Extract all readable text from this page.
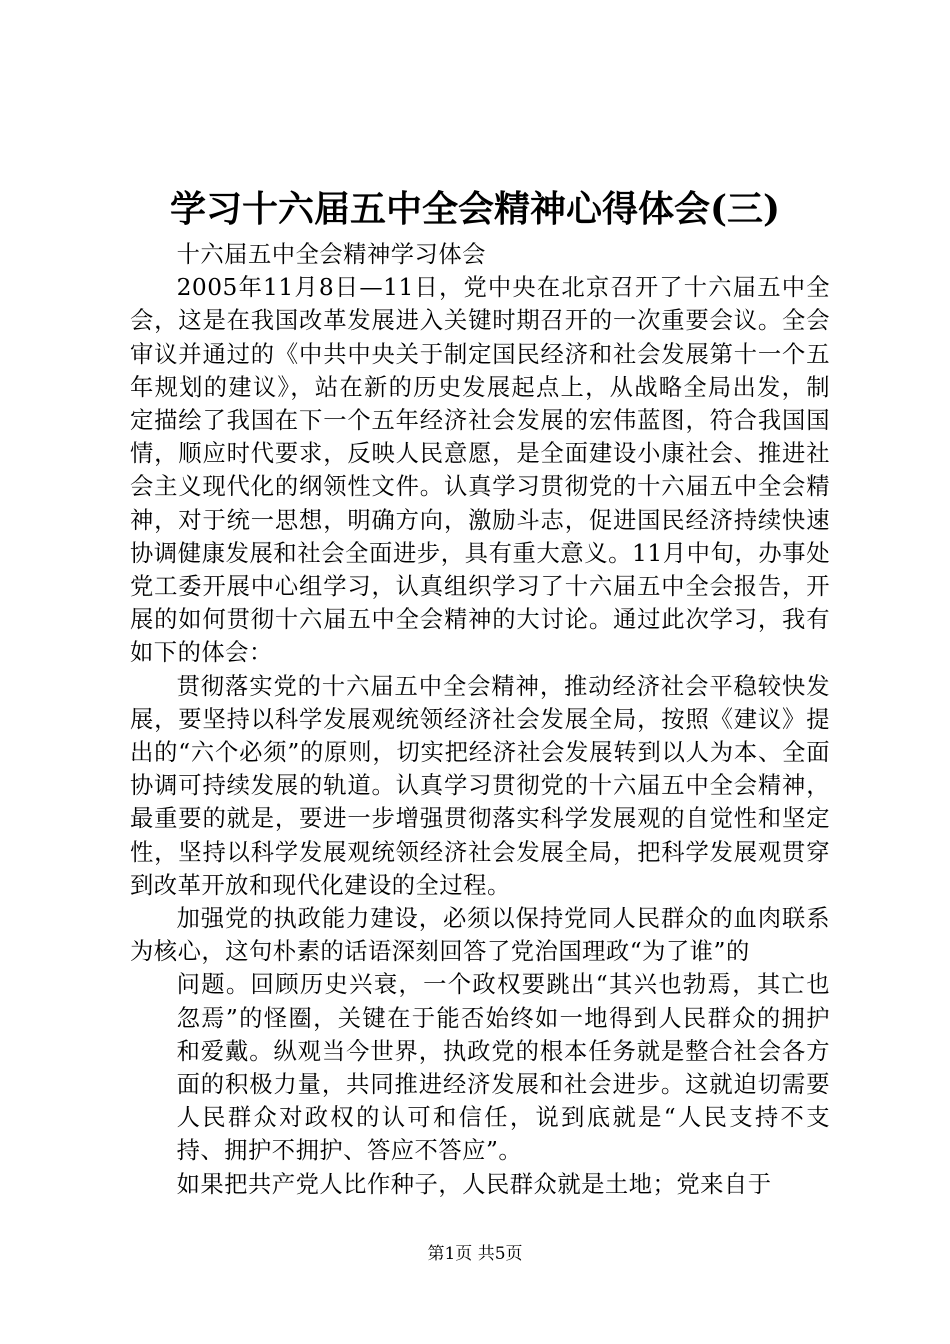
学习十六届五中全会精神心得体会(三)

十六届五中全会精神学习体会

2005年11月8日—11日，党中央在北京召开了十六届五中全会，这是在我国改革发展进入关键时期召开的一次重要会议。全会审议并通过的《中共中央关于制定国民经济和社会发展第十一个五年规划的建议》，站在新的历史发展起点上，从战略全局出发，制定描绘了我国在下一个五年经济社会发展的宏伟蓝图，符合我国国情，顺应时代要求，反映人民意愿，是全面建设小康社会、推进社会主义现代化的纲领性文件。认真学习贯彻党的十六届五中全会精神，对于统一思想，明确方向，激励斗志，促进国民经济持续快速协调健康发展和社会全面进步，具有重大意义。11月中旬，办事处党工委开展中心组学习，认真组织学习了十六届五中全会报告，开展的如何贯彻十六届五中全会精神的大讨论。通过此次学习，我有如下的体会：

贯彻落实党的十六届五中全会精神，推动经济社会平稳较快发展，要坚持以科学发展观统领经济社会发展全局，按照《建议》提出的“六个必须”的原则，切实把经济社会发展转到以人为本、全面协调可持续发展的轨道。认真学习贯彻党的十六届五中全会精神，最重要的就是，要进一步增强贯彻落实科学发展观的自觉性和坚定性，坚持以科学发展观统领经济社会发展全局，把科学发展观贯穿到改革开放和现代化建设的全过程。

加强党的执政能力建设，必须以保持党同人民群众的血肉联系为核心，这句朴素的话语深刻回答了党治国理政“为了谁”的

问题。回顾历史兴衰，一个政权要跳出“其兴也勃焉，其亡也忽焉”的怪圈，关键在于能否始终如一地得到人民群众的拥护和爱戴。纵观当今世界，执政党的根本任务就是整合社会各方面的积极力量，共同推进经济发展和社会进步。这就迫切需要人民群众对政权的认可和信任，说到底就是“人民支持不支持、拥护不拥护、答应不答应”。

如果把共产党人比作种子，人民群众就是土地；党来自于

第1页 共5页
